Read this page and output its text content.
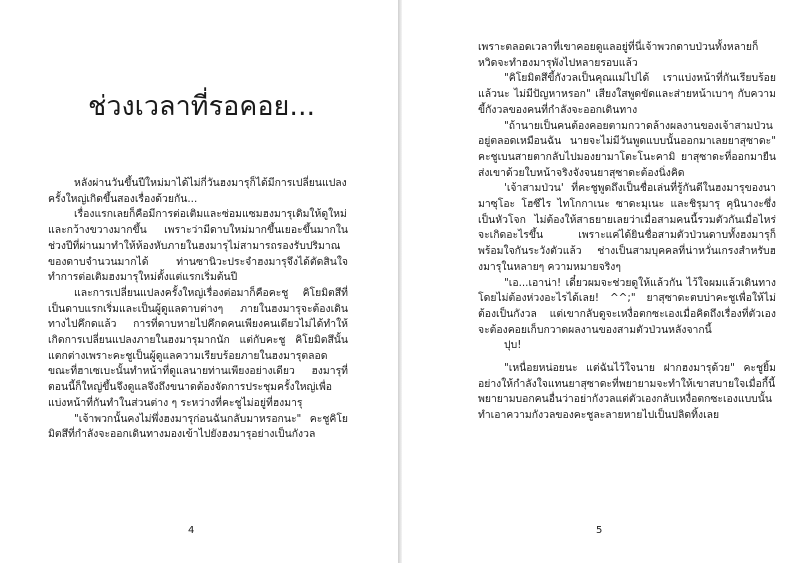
ช่วงเวลาที่รอคอย...

หลังผ่านวันขึ้นปีใหม่มาได้ไม่กี่วันฮงมารุก็ได้มีการเปลี่ยนแปลงครั้งใหญ่เกิดขึ้นสองเรื่องด้วยกัน...

เรื่องแรกเลยก็คือมีการต่อเติมและซ่อมแซมฮงมารุเดิมให้ดูใหม่และกว้างขวางมากขึ้น เพราะว่ามีดาบใหม่มากขึ้นเยอะขึ้นมากในช่วงปีที่ผ่านมาทำให้ห้องหับภายในฮงมารุไม่สามารถรองรับปริมาณของดาบจำนวนมากได้ ท่านซานิวะประจำฮงมารุจึงได้ตัดสินใจทำการต่อเติมฮงมารุใหม่ตั้งแต่แรกเริ่มต้นปี

และการเปลี่ยนแปลงครั้งใหญ่เรื่องต่อมาก็คือคะชู คิโยมิตสึที่เป็นดาบแรกเริ่มและเป็นผู้ดูแลดาบต่างๆ ภายในฮงมารุจะต้องเดินทางไปคึกดแล้ว การที่ดาบหายไปคึกดคนเพียงคนเดียวไม่ได้ทำให้เกิดการเปลี่ยนแปลงภายในฮงมารุมากนัก แต่กับคะชู คิโยมิตสึนั้นแตกต่างเพราะคะชูเป็นผู้ดูแลความเรียบร้อยภายในฮงมารุตลอดขณะที่ฮาเซเบะนั้นทำหน้าที่ดูแลนายท่านเพียงอย่างเดียว ฮงมารุที่ตอนนี้ก็ใหญ่ขึ้นจึงดูแลจึงถึงขนาดต้องจัดการประชุมครั้งใหญ่เพื่อแบ่งหน้าที่กันทำในส่วนต่าง ๆ ระหว่างที่คะชูไม่อยู่ที่ฮงมารุ

"เจ้าพวกนั้นคงไม่พึ่งฮงมารุก่อนฉันกลับมาหรอกนะ" คะชูคิโยมิตสึที่กำลังจะออกเดินทางมองเข้าไปยังฮงมารุอย่างเป็นกังวล

4

เพราะตลอดเวลาที่เขาคอยดูแลอยู่ที่นี่เจ้าพวกดาบป่วนทั้งหลายก็หวิดจะทำฮงมารุพังไปหลายรอบแล้ว

"คิโยมิตสึขี้กังวลเป็นคุณแม่ไปได้ เราแบ่งหน้าที่กันเรียบร้อยแล้วนะ ไม่มีปัญหาหรอก" เสียงใสพูดขัดและส่ายหน้าเบาๆ กับความขี้กังวลของคนที่กำลังจะออกเดินทาง

"ถ้านายเป็นคนต้องคอยตามกวาดล้างผลงานของเจ้าสามป่วนอยู่ตลอดเหมือนฉัน นายจะไม่มีวันพูดแบบนั้นออกมาเลยยาสุซาดะ" คะชูเบนสายตากลับไปมองยามาโตะโนะคามิ ยาสุซาดะที่ออกมายืนส่งเขาด้วยใบหน้าจริงจังจนยาสุซาดะต้องนิ่งคิด

'เจ้าสามป่วน' ที่คะชูพูดถึงเป็นชื่อเล่นที่รู้กันดีในฮงมารุของนามาซุโอะ โฮซึไร ไทโกกาเนะ ซาดะมุเนะ และชิรุมารุ คุนินางะซึ่งเป็นหัวโจก ไม่ต้องให้สาธยายเลยว่าเมื่อสามคนนี้รวมตัวกันเมื่อไหร่จะเกิดอะไรขึ้น เพราะแค่ได้ยินชื่อสามตัวป่วนดาบทั้งฮงมารุก็พร้อมใจกันระวังตัวแล้ว ช่างเป็นสามบุคคลที่น่าหวั่นเกรงสำหรับฮงมารุในหลายๆ ความหมายจริงๆ

"เอ...เอาน่า! เดี๋ยวผมจะช่วยดูให้แล้วกัน ไว้ใจผมแล้วเดินทางโดยไม่ต้องห่วงอะไรได้เลย! ^^;" ยาสุซาดะตบบ่าคะชูเพื่อให้ไม่ต้องเป็นกังวล แต่เขากลับดูจะเหงื่อตกซะเองเมื่อคิดถึงเรื่องที่ตัวเองจะต้องคอยเก็บกวาดผลงานของสามตัวป่วนหลังจากนี้

ปุบ!

"เหนื่อยหน่อยนะ แต่ฉันไว้ใจนาย ฝากฮงมารุด้วย" คะชูยิ้มอย่างให้กำลังใจแทนยาสุซาดะที่พยายามจะทำให้เขาสบายใจเมื่อกี้นี้ พยายามบอกคนอื่นว่าอย่ากังวลแต่ตัวเองกลับเหงื่อตกซะเองแบบนั้นทำเอาความกังวลของคะชูละลายหายไปเป็นปลิดทิ้งเลย

5
